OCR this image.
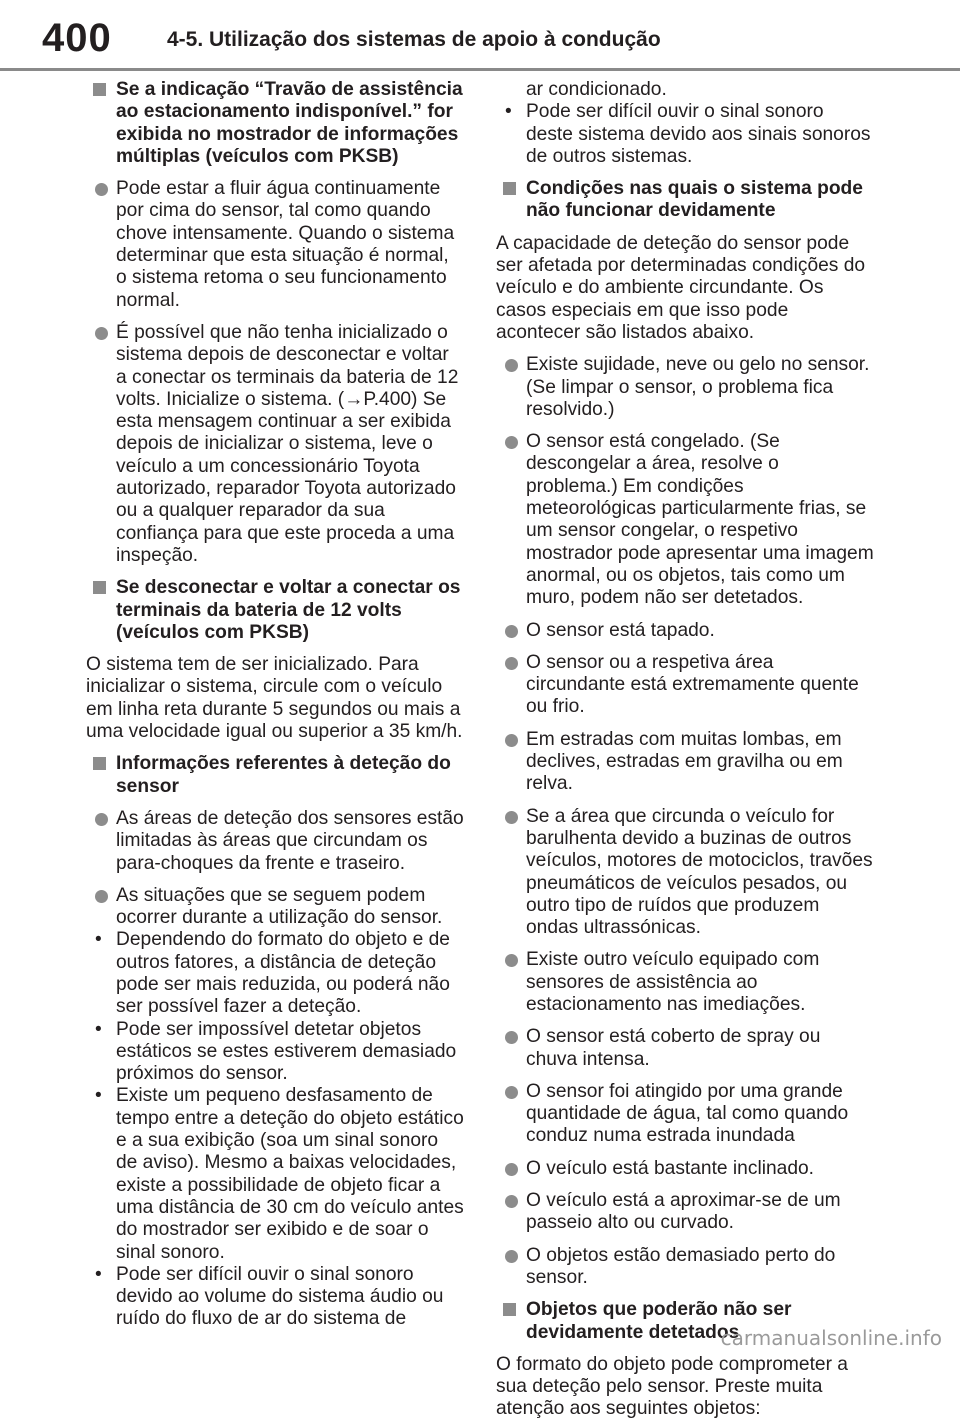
400	4-5. Utilização dos sistemas de apoio à condução

Se a indicação “Travão de assistência ao estacionamento indisponível.” for exibida no mostrador de informações múltiplas (veículos com PKSB)

Pode estar a fluir água continuamente por cima do sensor, tal como quando chove intensamente. Quando o sistema determinar que esta situação é normal, o sistema retoma o seu funcionamento normal.

É possível que não tenha inicializado o sistema depois de desconectar e voltar a conectar os terminais da bateria de 12 volts. Inicialize o sistema. (→P.400) Se esta mensagem continuar a ser exibida depois de inicializar o sistema, leve o veículo a um concessionário Toyota autorizado, reparador Toyota autorizado ou a qualquer reparador da sua confiança para que este proceda a uma inspeção.

Se desconectar e voltar a conectar os terminais da bateria de 12 volts (veículos com PKSB)

O sistema tem de ser inicializado. Para inicializar o sistema, circule com o veículo em linha reta durante 5 segundos ou mais a uma velocidade igual ou superior a 35 km/h.

Informações referentes à deteção do sensor

As áreas de deteção dos sensores estão limitadas às áreas que circundam os para-choques da frente e traseiro.

As situações que se seguem podem ocorrer durante a utilização do sensor.

• Dependendo do formato do objeto e de outros fatores, a distância de deteção pode ser mais reduzida, ou poderá não ser possível fazer a deteção.

• Pode ser impossível detetar objetos estáticos se estes estiverem demasiado próximos do sensor.

• Existe um pequeno desfasamento de tempo entre a deteção do objeto estático e a sua exibição (soa um sinal sonoro de aviso). Mesmo a baixas velocidades, existe a possibilidade de objeto ficar a uma distância de 30 cm do veículo antes do mostrador ser exibido e de soar o sinal sonoro.

• Pode ser difícil ouvir o sinal sonoro devido ao volume do sistema áudio ou ruído do fluxo de ar do sistema de

ar condicionado.

• Pode ser difícil ouvir o sinal sonoro deste sistema devido aos sinais sonoros de outros sistemas.

Condições nas quais o sistema pode não funcionar devidamente

A capacidade de deteção do sensor pode ser afetada por determinadas condições do veículo e do ambiente circundante. Os casos especiais em que isso pode acontecer são listados abaixo.

Existe sujidade, neve ou gelo no sensor. (Se limpar o sensor, o problema fica resolvido.)

O sensor está congelado. (Se descongelar a área, resolve o problema.) Em condições meteorológicas particularmente frias, se um sensor congelar, o respetivo mostrador pode apresentar uma imagem anormal, ou os objetos, tais como um muro, podem não ser detetados.

O sensor está tapado.

O sensor ou a respetiva área circundante está extremamente quente ou frio.

Em estradas com muitas lombas, em declives, estradas em gravilha ou em relva.

Se a área que circunda o veículo for barulhenta devido a buzinas de outros veículos, motores de motociclos, travões pneumáticos de veículos pesados, ou outro tipo de ruídos que produzem ondas ultrassónicas.

Existe outro veículo equipado com sensores de assistência ao estacionamento nas imediações.

O sensor está coberto de spray ou chuva intensa.

O sensor foi atingido por uma grande quantidade de água, tal como quando conduz numa estrada inundada

O veículo está bastante inclinado.

O veículo está a aproximar-se de um passeio alto ou curvado.

O objetos estão demasiado perto do sensor.

Objetos que poderão não ser devidamente detetados

O formato do objeto pode comprometer a sua deteção pelo sensor. Preste muita atenção aos seguintes objetos:

carmanualsonline.info
